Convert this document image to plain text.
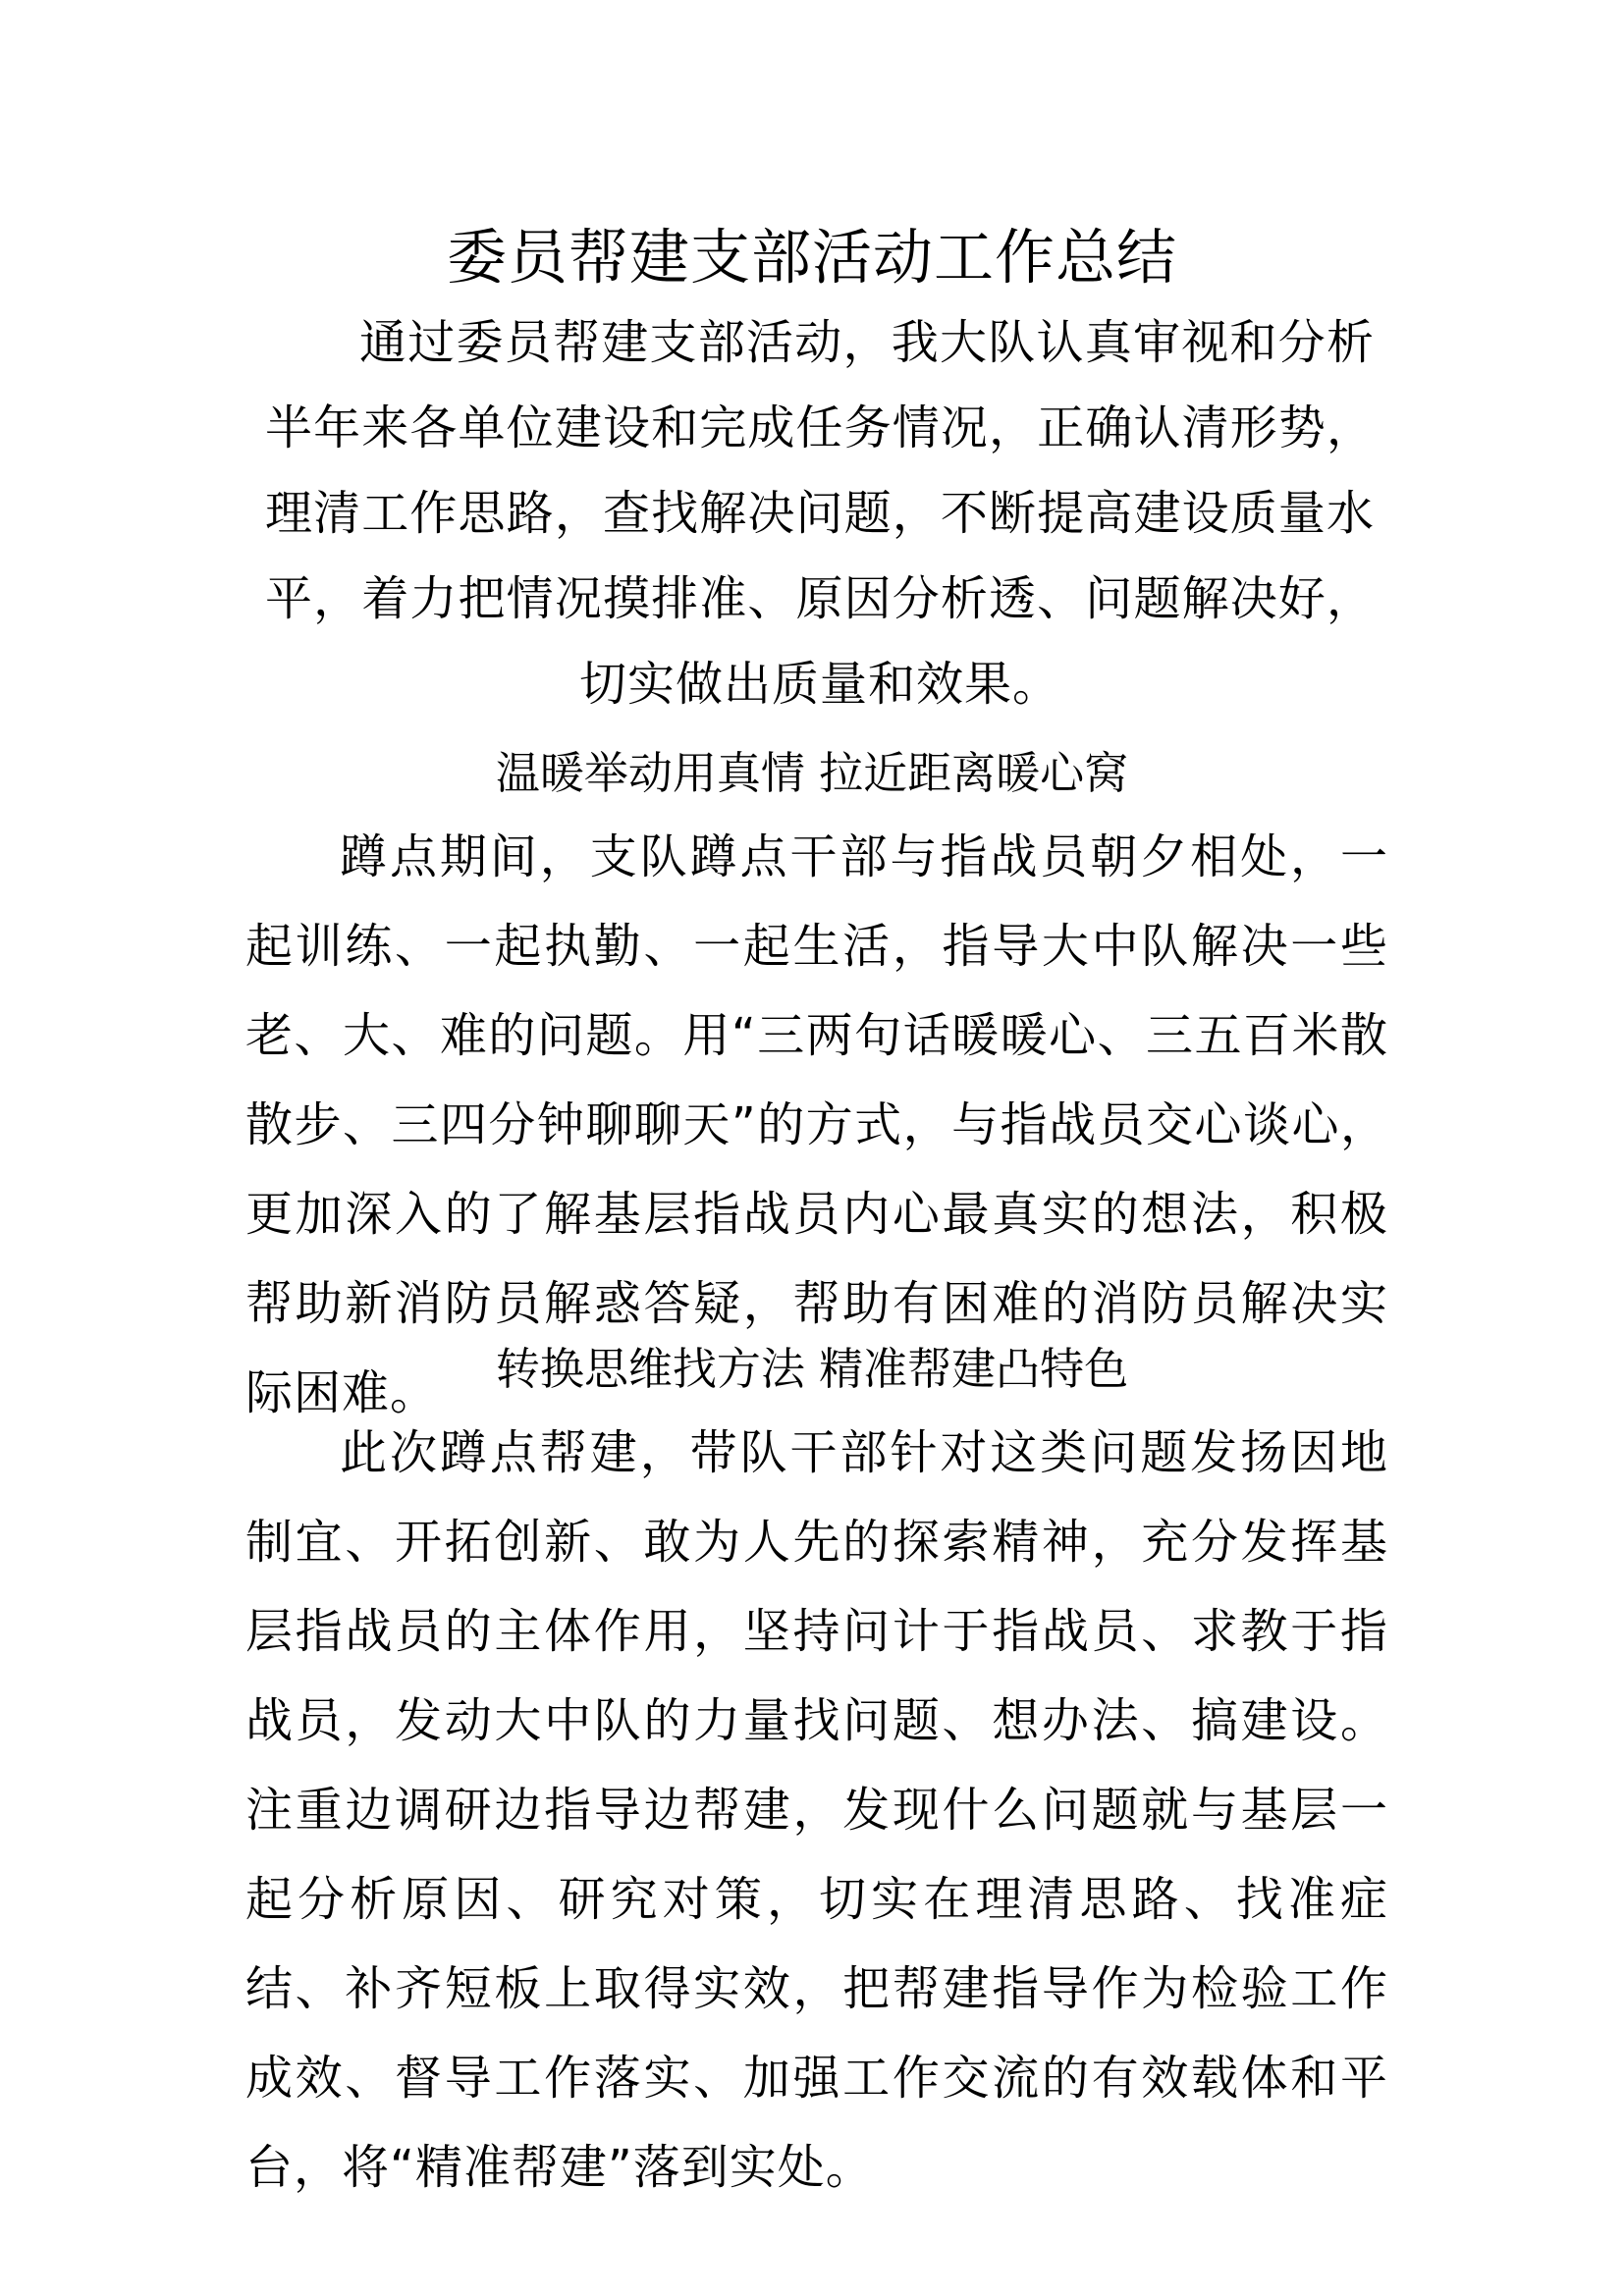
委员帮建支部活动工作总结
通过委员帮建支部活动，我大队认真审视和分析半年来各单位建设和完成任务情况，正确认清形势，理清工作思路，查找解决问题，不断提高建设质量水平，着力把情况摸排准、原因分析透、问题解决好，切实做出质量和效果。
温暖举动用真情 拉近距离暖心窝
蹲点期间，支队蹲点干部与指战员朝夕相处，一起训练、一起执勤、一起生活，指导大中队解决一些老、大、难的问题。用“三两句话暖暖心、三五百米散散步、三四分钟聊聊天”的方式，与指战员交心谈心，更加深入的了解基层指战员内心最真实的想法，积极帮助新消防员解惑答疑，帮助有困难的消防员解决实际困难。	转换思维找方法 精准帮建凸特色
此次蹲点帮建，带队干部针对这类问题发扬因地制宜、开拓创新、敢为人先的探索精神，充分发挥基层指战员的主体作用，坚持问计于指战员、求教于指战员，发动大中队的力量找问题、想办法、搞建设。注重边调研边指导边帮建，发现什么问题就与基层一起分析原因、研究对策，切实在理清思路、找准症结、补齐短板上取得实效，把帮建指导作为检验工作成效、督导工作落实、加强工作交流的有效载体和平台，将“精准帮建”落到实处。
